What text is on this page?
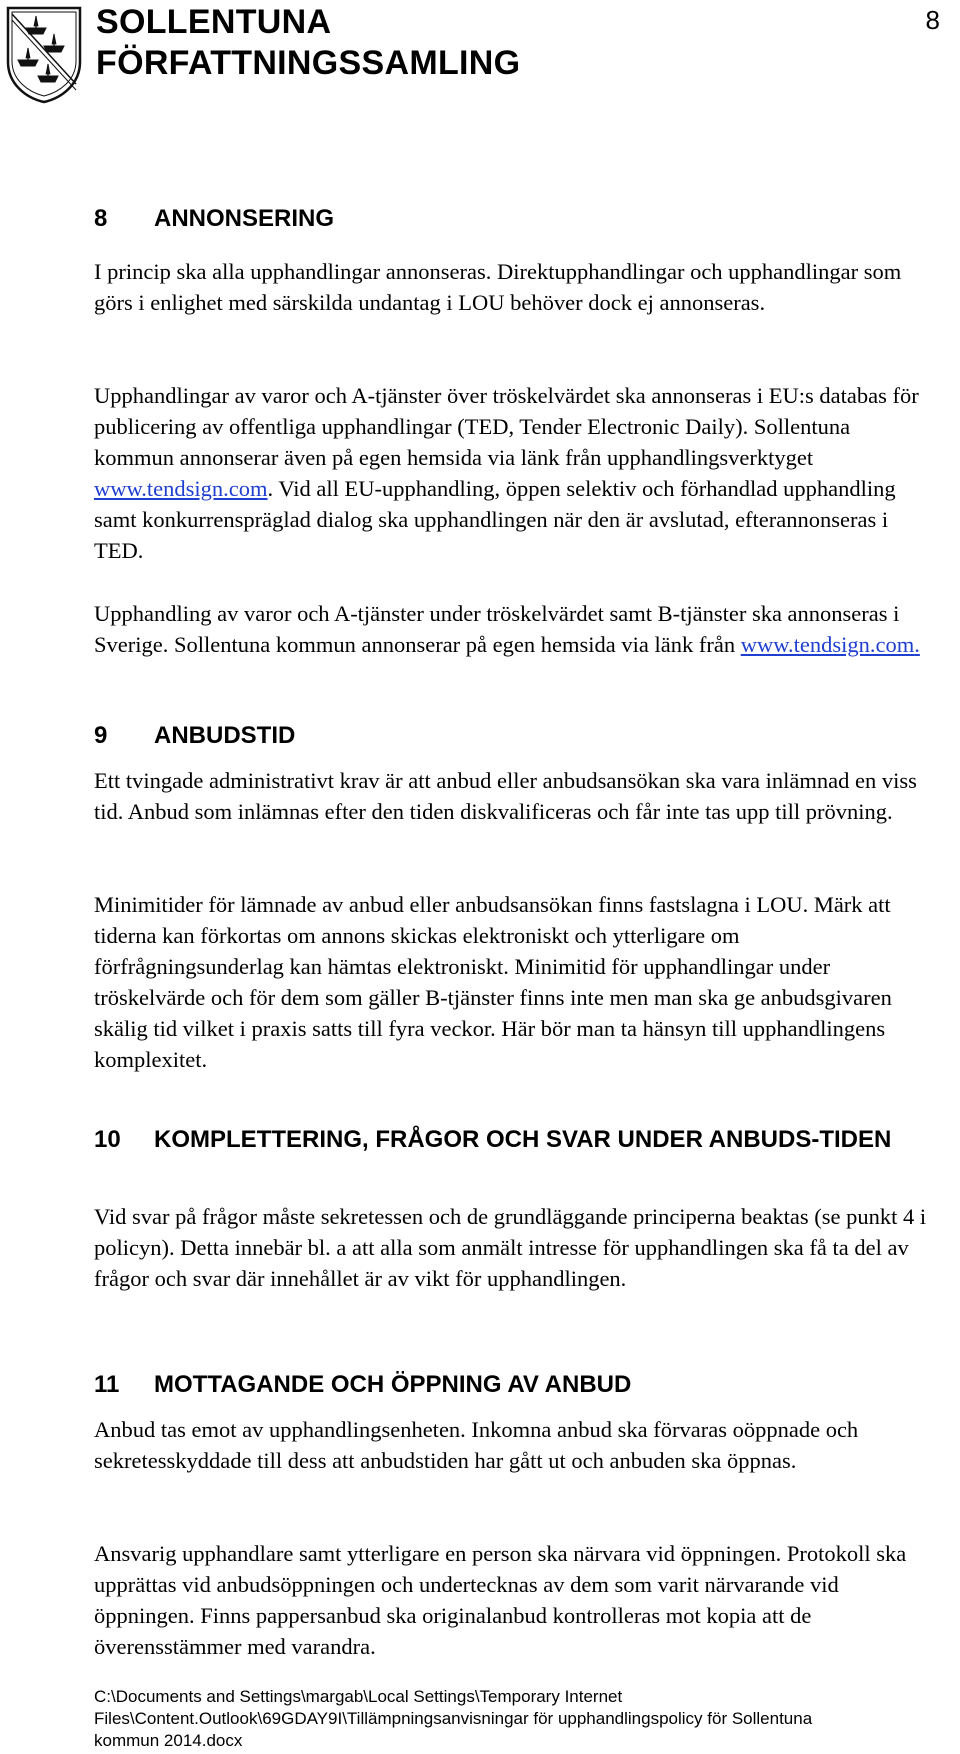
SOLLENTUNA
FÖRFATTNINGSSAMLING
8
8 ANNONSERING
I princip ska alla upphandlingar annonseras. Direktupphandlingar och upphandlingar som görs i enlighet med särskilda undantag i LOU behöver dock ej annonseras.
Upphandlingar av varor och A-tjänster över tröskelvärdet ska annonseras i EU:s databas för publicering av offentliga upphandlingar (TED, Tender Electronic Daily). Sollentuna kommun annonserar även på egen hemsida via länk från upphandlingsverktyget www.tendsign.com. Vid all EU-upphandling, öppen selektiv och förhandlad upphandling samt konkurrenspräglad dialog ska upphandlingen när den är avslutad, efterannonseras i TED.
Upphandling av varor och A-tjänster under tröskelvärdet samt B-tjänster ska annonseras i Sverige. Sollentuna kommun annonserar på egen hemsida via länk från www.tendsign.com.
9 ANBUDSTID
Ett tvingade administrativt krav är att anbud eller anbudsansökan ska vara inlämnad en viss tid. Anbud som inlämnas efter den tiden diskvalificeras och får inte tas upp till prövning.
Minimitider för lämnade av anbud eller anbudsansökan finns fastslagna i LOU. Märk att tiderna kan förkortas om annons skickas elektroniskt och ytterligare om förfrågningsunderlag kan hämtas elektroniskt. Minimitid för upphandlingar under tröskelvärde och för dem som gäller B-tjänster finns inte men man ska ge anbudsgivaren skälig tid vilket i praxis satts till fyra veckor. Här bör man ta hänsyn till upphandlingens komplexitet.
10 KOMPLETTERING, FRÅGOR OCH SVAR UNDER ANBUDS-TIDEN
Vid svar på frågor måste sekretessen och de grundläggande principerna beaktas (se punkt 4 i policyn). Detta innebär bl. a att alla som anmält intresse för upphandlingen ska få ta del av frågor och svar där innehållet är av vikt för upphandlingen.
11 MOTTAGANDE OCH ÖPPNING AV ANBUD
Anbud tas emot av upphandlingsenheten. Inkomna anbud ska förvaras oöppnade och sekretesskyddade till dess att anbudstiden har gått ut och anbuden ska öppnas.
Ansvarig upphandlare samt ytterligare en person ska närvara vid öppningen. Protokoll ska upprättas vid anbudsöppningen och undertecknas av dem som varit närvarande vid öppningen. Finns pappersanbud ska originalanbud kontrolleras mot kopia att de överensstämmer med varandra.
C:\Documents and Settings\margab\Local Settings\Temporary Internet
Files\Content.Outlook\69GDAY9I\Tillämpningsanvisningar för upphandlingspolicy för Sollentuna
kommun 2014.docx
